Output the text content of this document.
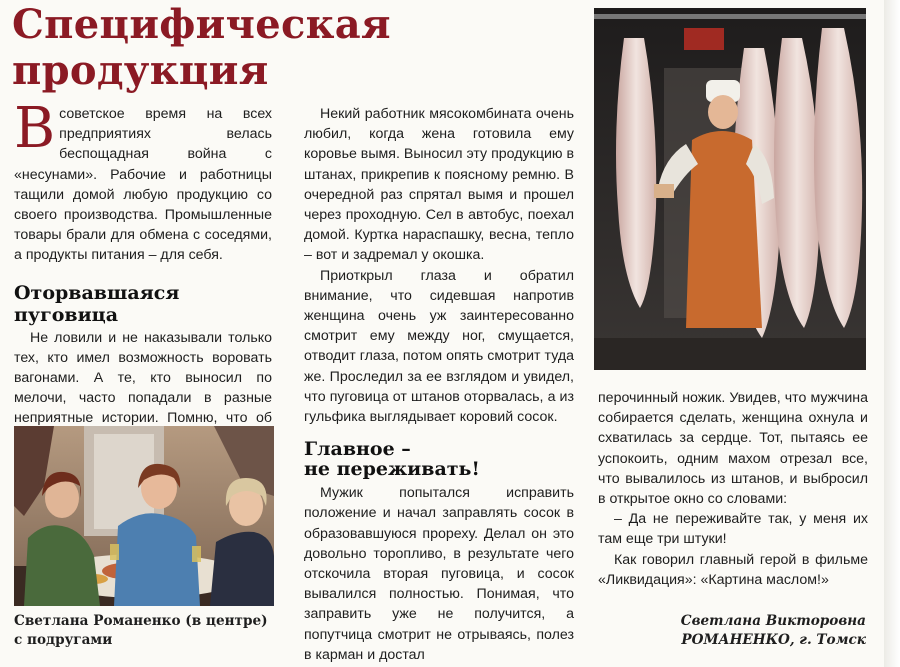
Специфическая продукция

Всоветское время на всех предприятиях велась беспощадная война с «несунами». Рабочие и работницы тащили домой любую продукцию со своего производства. Промышленные товары брали для обмена с соседями, а продукты питания – для себя.

Оторвавшаяся пуговица

Не ловили и не наказывали только тех, кто имел возможность воровать вагонами. А те, кто выносил по мелочи, часто попадали в разные неприятные истории. Помню, что об

Светлана Романенко (в центре)
с подругами

Некий работник мясокомбината очень любил, когда жена готовила ему коровье вымя. Выносил эту продукцию в штанах, прикрепив к поясному ремню. В очередной раз спрятал вымя и прошел через проходную. Сел в автобус, поехал домой. Куртка нараспашку, весна, тепло – вот и задремал у окошка.

Приоткрыл глаза и обратил внимание, что сидевшая напротив женщина очень уж заинтересованно смотрит ему между ног, смущается, отводит глаза, потом опять смотрит туда же. Проследил за ее взглядом и увидел, что пуговица от штанов оторвалась, а из гульфика выглядывает коровий сосок.

Главное –
не переживать!

Мужик попытался исправить положение и начал заправлять сосок в образовавшуюся прореху. Делал он это довольно торопливо, в результате чего отскочила вторая пуговица, и сосок вывалился полностью. Понимая, что заправить уже не получится, а попутчица смотрит не отрываясь, полез в карман и достал

перочинный ножик. Увидев, что мужчина собирается сделать, женщина охнула и схватилась за сердце. Тот, пытаясь ее успокоить, одним махом отрезал все, что вывалилось из штанов, и выбросил в открытое окно со словами:

– Да не переживайте так, у меня их там еще три штуки!

Как говорил главный герой в фильме «Ликвидация»: «Картина маслом!»

Светлана Викторовна
РОМАНЕНКО, г. Томск
